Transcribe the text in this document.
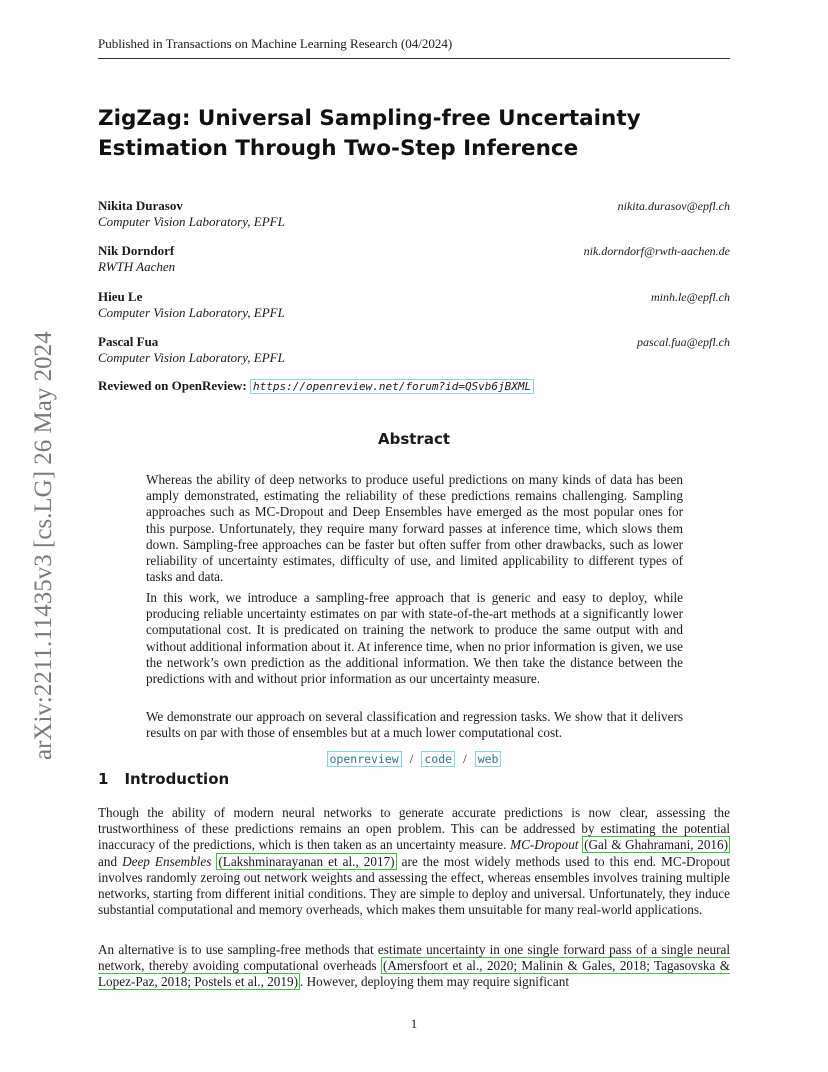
Published in Transactions on Machine Learning Research (04/2024)
ZigZag: Universal Sampling-free Uncertainty
Estimation Through Two-Step Inference
Nikita Durasov
Computer Vision Laboratory, EPFL
nikita.durasov@epfl.ch
Nik Dorndorf
RWTH Aachen
nik.dorndorf@rwth-aachen.de
Hieu Le
Computer Vision Laboratory, EPFL
minh.le@epfl.ch
Pascal Fua
Computer Vision Laboratory, EPFL
pascal.fua@epfl.ch
Reviewed on OpenReview: https://openreview.net/forum?id=QSvb6jBXML
Abstract
Whereas the ability of deep networks to produce useful predictions on many kinds of data has been amply demonstrated, estimating the reliability of these predictions remains challenging. Sampling approaches such as MC-Dropout and Deep Ensembles have emerged as the most popular ones for this purpose. Unfortunately, they require many forward passes at inference time, which slows them down. Sampling-free approaches can be faster but often suffer from other drawbacks, such as lower reliability of uncertainty estimates, difficulty of use, and limited applicability to different types of tasks and data.
In this work, we introduce a sampling-free approach that is generic and easy to deploy, while producing reliable uncertainty estimates on par with state-of-the-art methods at a significantly lower computational cost. It is predicated on training the network to produce the same output with and without additional information about it. At inference time, when no prior information is given, we use the network’s own prediction as the additional information. We then take the distance between the predictions with and without prior information as our uncertainty measure.
We demonstrate our approach on several classification and regression tasks. We show that it delivers results on par with those of ensembles but at a much lower computational cost.
openreview / code / web
1 Introduction
Though the ability of modern neural networks to generate accurate predictions is now clear, assessing the trustworthiness of these predictions remains an open problem. This can be addressed by estimating the potential inaccuracy of the predictions, which is then taken as an uncertainty measure. MC-Dropout (Gal & Ghahramani, 2016) and Deep Ensembles (Lakshminarayanan et al., 2017) are the most widely methods used to this end. MC-Dropout involves randomly zeroing out network weights and assessing the effect, whereas ensembles involves training multiple networks, starting from different initial conditions. They are simple to deploy and universal. Unfortunately, they induce substantial computational and memory overheads, which makes them unsuitable for many real-world applications.
An alternative is to use sampling-free methods that estimate uncertainty in one single forward pass of a single neural network, thereby avoiding computational overheads (Amersfoort et al., 2020; Malinin & Gales, 2018; Tagasovska & Lopez-Paz, 2018; Postels et al., 2019) . However, deploying them may require significant
1
arXiv:2211.11435v3 [cs.LG] 26 May 2024
